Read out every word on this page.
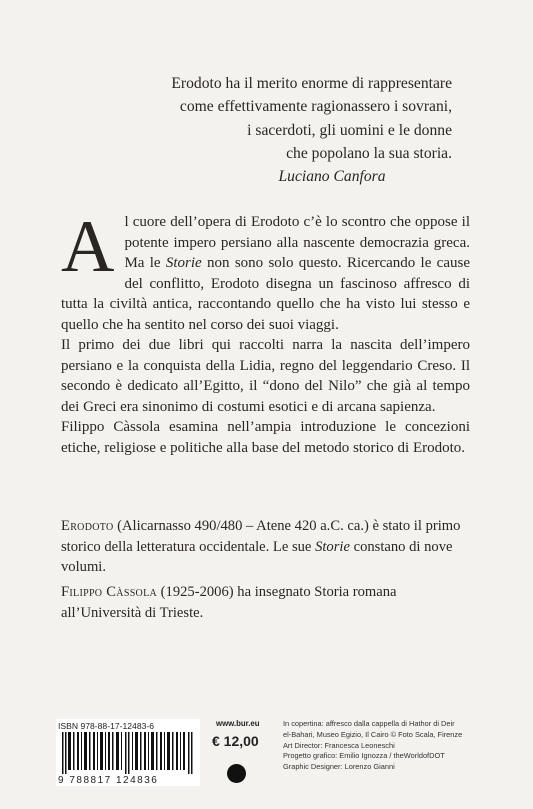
Erodoto ha il merito enorme di rappresentare
come effettivamente ragionassero i sovrani,
i sacerdoti, gli uomini e le donne
che popolano la sua storia.
Luciano Canfora

Al cuore dell’opera di Erodoto c’è lo scontro che oppose il potente impero persiano alla nascente democrazia greca. Ma le Storie non sono solo questo. Ricercando le cause del conflitto, Erodoto disegna un fascinoso affresco di tutta la civiltà antica, raccontando quello che ha visto lui stesso e quello che ha sentito nel corso dei suoi viaggi.

Il primo dei due libri qui raccolti narra la nascita dell’impero persiano e la conquista della Lidia, regno del leggendario Creso. Il secondo è dedicato all’Egitto, il “dono del Nilo” che già al tempo dei Greci era sinonimo di costumi esotici e di arcana sapienza.

Filippo Càssola esamina nell’ampia introduzione le concezioni etiche, religiose e politiche alla base del metodo storico di Erodoto.

Erodoto (Alicarnasso 490/480 – Atene 420 a.C. ca.) è stato il primo storico della letteratura occidentale. Le sue Storie constano di nove volumi.
Filippo Càssola (1925-2006) ha insegnato Storia romana all’Università di Trieste.
ISBN 978-88-17-12483-6
9 788817 124836
www.bur.eu
€ 12,00
In copertina: affresco dalla cappella di Hathor di Deir
el-Bahari, Museo Egizio, Il Cairo © Foto Scala, Firenze
Art Director: Francesca Leoneschi
Progetto grafico: Emilio Ignozza / theWorldofDOT
Graphic Designer: Lorenzo Gianni
